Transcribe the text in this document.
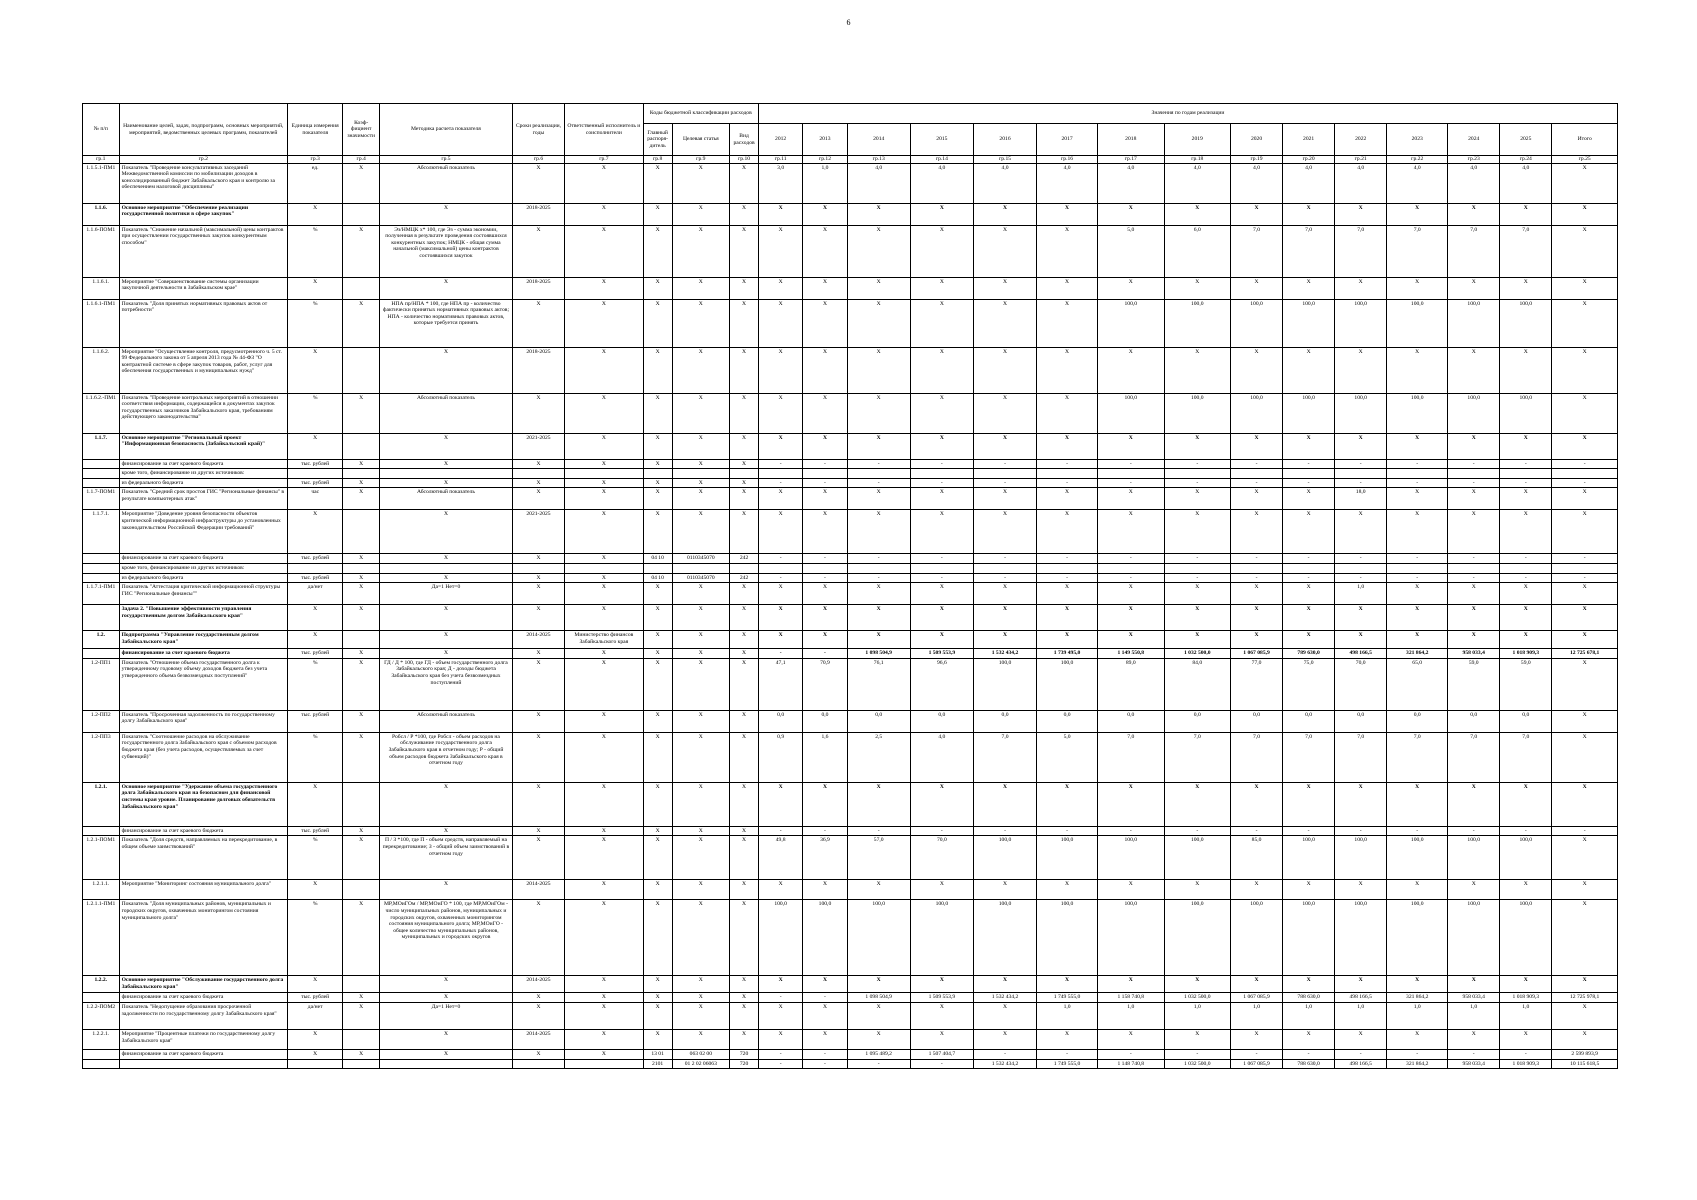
6
№ п/п	Наименование целей, задач, подпрограмм, основных мероприятий, мероприятий, ведомственных целевых программ, показателей	Единица измерения показателя	Коэф-фициент значимости	Методика расчета показателя	Сроки реализации, годы	Ответственный исполнитель и соисполнители	Коды бюджетной классификации расходов			Значения по годам реализации														
							Главный распоря-дитель	Целевая статья	Вид расходов	2012	2013	2014	2015	2016	2017	2018	2019	2020	2021	2022	2023	2024	2025	Итого
гр.1	гр.2	гр.3	гр.4	гр.5	гр.6	гр.7	гр.8	гр.9	гр.10	гр.11	гр.12	гр.13	гр.14	гр.15	гр.16	гр.17	гр.18	гр.19	гр.20	гр.21	гр.22	гр.23	гр.24	гр.25
1.1.5.1-ПМ1	Показатель "Проведение консультативных заседаний Межведомственной комиссии по мобилизации доходов в консолидированный бюджет Забайкальского края и контролю за обеспечением налоговой дисциплины"	ед.	X	Абсолютный показатель	X	X	X	X	X	3,0	1,0	4,0	4,0	4,0	4,0	4,0	4,0	4,0	4,0	4,0	4,0	4,0	4,0	X
1.1.6.	Основное мероприятие "Обеспечение реализации государственной политики в сфере закупок"	X		X	2018-2025	X	X	X	X	X	X	X	X	X	X	X	X	X	X	X	X	X	X	X
1.1.6-ПОМ1	Показатель "Снижение начальной (максимальной) цены контрактов при осуществлении государственных закупок конкурентным способом"	%	X	Эз/НМЦК х* 100, где Эз - сумма экономии, полученная в результате проведения состоявшихся конкурентных закупок; НМЦК - общая сумма начальной (максимальной) цены контрактов состоявшихся закупок	X	X	X	X	X	X	X	X	X	X	X	5,0	6,0	7,0	7,0	7,0	7,0	7,0	7,0	X
1.1.6.1.	Мероприятие "Совершенствование системы организации закупочной деятельности в Забайкальском крае"	X		X	2018-2025	X	X	X	X	X	X	X	X	X	X	X	X	X	X	X	X	X	X	X
1.1.6.1-ПМ1	Показатель "Доля принятых нормативных правовых актов от потребности"	%	X	НПА пр/НПА * 100, где НПА пр - количество фактически принятых нормативных правовых актов; НПА - количество нормативных правовых актов, которые требуется принять	X	X	X	X	X	X	X	X	X	X	X	100,0	100,0	100,0	100,0	100,0	100,0	100,0	100,0	X
1.1.6.2.	Мероприятие "Осуществление контроля, предусмотренного ч. 5 ст. 99 Федерального закона от 5 апреля 2013 года № 44-ФЗ "О контрактной системе в сфере закупок товаров, работ, услуг для обеспечения государственных и муниципальных нужд"	X		X	2018-2025	X	X	X	X	X	X	X	X	X	X	X	X	X	X	X	X	X	X	X
1.1.6.2.-ПМ1	Показатель "Проведение контрольных мероприятий в отношении соответствия информации, содержащейся в документах закупок государственных заказчиков Забайкальского края, требованиям действующего законодательства"	%	X	Абсолютный показатель	X	X	X	X	X	X	X	X	X	X	X	100,0	100,0	100,0	100,0	100,0	100,0	100,0	100,0	X
1.1.7.	Основное мероприятие "Региональный проект "Информационная безопасность (Забайкальский край)"	X		X	2021-2025	X	X	X	X	X	X	X	X	X	X	X	X	X	X	X	X	X	X	X
	финансирование за счет краевого бюджета	тыс. рублей	X	X	X	X	X	X	X	-	-	-	-	-	-	-	-	-	-	-	-	-	-	-
	кроме того, финансирование из других источников:																							
	из федерального бюджета	тыс. рублей	X	X	X	X	X	X	X	-	-	-	-	-	-	-	-	-	-	-	-	-	-	-
1.1.7-ПОМ1	Показатель "Средний срок простоя ГИС "Региональные финансы" в результате компьютерных атак"	час	X	Абсолютный показатель	X	X	X	X	X	X	X	X	X	X	X	X	X	X	X	18,0	X	X	X	X
1.1.7.1.	Мероприятие "Доведение уровня безопасности объектов критической информационной инфраструктуры до установленных законодательством Российской Федерации требований"	X		X	2021-2025	X	X	X	X	X	X	X	X	X	X	X	X	X	X	X	X	X	X	X
	финансирование за счет краевого бюджета	тыс. рублей	X	X	X	X	04 10	0110345070	242	-	-	-	-	-	-	-	-	-	-	-	-	-	-	-
	кроме того, финансирование из других источников:																							
	из федерального бюджета	тыс. рублей	X	X	X	X	04 10	0110345070	242	-	-	-	-	-	-	-	-	-	-	-	-	-	-	-
1.1.7.1-ПМ1	Показатель "Аттестация критической информационной структуры ГИС "Региональные финансы""	да/нет	X	Да=1 Нет=0	X	X	X	X	X	X	X	X	X	X	X	X	X	X	X	1,0	X	X	X	X
	Задача 2. "Повышение эффективности управления государственным долгом Забайкальского края"	X	X	X	X	X	X	X	X	X	X	X	X	X	X	X	X	X	X	X	X	X	X	X
1.2.	Подпрограмма "Управление государственным долгом Забайкальского края"	X		X	2014-2025	Министерство финансов Забайкальского края	X	X	X	X	X	X	X	X	X	X	X	X	X	X	X	X	X	X
	финансирование за счет краевого бюджета	тыс. рублей	X	X	X	X	X	X	X	-	-	1 098 504,9	1 509 553,9	1 532 434,2	1 739 495,0	1 149 550,8	1 032 500,0	1 067 085,9	789 630,0	498 166,5	321 864,2	958 033,4	1 018 909,3	12 725 678,1
1.2-ПП1	Показатель "Отношение объема государственного долга к утвержденному годовому объему доходов бюджета без учета утвержденного объема безвозмездных поступлений"	%	X	ГД / Д * 100, где ГД - объем государственного долга Забайкальского края; Д - доходы бюджета Забайкальского края без учета безвозмездных поступлений	X	X	X	X	X	47,1	70,9	76,1	96,6	100,0	100,0	89,0	84,0	77,0	75,0	70,0	65,0	59,0	59,0	X
1.2-ПП2	Показатель "Просроченная задолженность по государственному долгу Забайкальского края"	тыс. рублей	X	Абсолютный показатель	X	X	X	X	X	0,0	0,0	0,0	0,0	0,0	0,0	0,0	0,0	0,0	0,0	0,0	0,0	0,0	0,0	X
1.2-ПП3	Показатель "Соотношение расходов на обслуживание государственного долга Забайкальского края с объемом расходов бюджета края (без учета расходов, осуществляемых за счет субвенций)"	%	X	Робсл / Р *100, где Робсл - объем расходов на обслуживание государственного долга Забайкальского края в отчетном году; Р - общий объем расходов бюджета Забайкальского края в отчетном году	X	X	X	X	X	0,9	1,6	2,5	4,0	7,0	5,0	7,0	7,0	7,0	7,0	7,0	7,0	7,0	7,0	X
1.2.1.	Основное мероприятие "Удержание объема государственного долга Забайкальского края на безопасном для финансовой системы края уровне. Планирование долговых обязательств Забайкальского края"	X		X	X	X	X	X	X	X	X	X	X	X	X	X	X	X	X	X	X	X	X	X
	финансирование за счет краевого бюджета	тыс. рублей	X	X	X	X	X	X	X	-	-	-	-	-	-	-	-	-	-	-	-	-	-	-
1.2.1-ПОМ1	Показатель "Доля средств, направляемых на перекредитование, в общем объеме заимствований"	%	X	П / З *100, где П - объем средств, направляемый на перекредитование; З - общий объем заимствований в отчетном году	X	X	X	X	X	49,8	36,9	57,0	70,0	100,0	100,0	100,0	100,0	85,0	100,0	100,0	100,0	100,0	100,0	X
1.2.1.1.	Мероприятие "Мониторинг состояния муниципального долга"	X		X	2014-2025	X	X	X	X	X	X	X	X	X	X	X	X	X	X	X	X	X	X	X
1.2.1.1-ПМ1	Показатель "Доля муниципальных районов, муниципальных и городских округов, охваченных мониторингом состояния муниципального долга"	%	X	МР,МОиГОм / МР,МОиГО * 100, где МР,МОиГОм - число муниципальных районов, муниципальных и городских округов, охваченных мониторингом состояния муниципального долга; МР,МОиГО - общее количество муниципальных районов, муниципальных и городских округов	X	X	X	X	X	100,0	100,0	100,0	100,0	100,0	100,0	100,0	100,0	100,0	100,0	100,0	100,0	100,0	100,0	X
1.2.2.	Основное мероприятие "Обслуживание государственного долга Забайкальского края"	X		X	2014-2025	X	X	X	X	X	X	X	X	X	X	X	X	X	X	X	X	X	X	X
	финансирование за счет краевого бюджета	тыс. рублей	X	X	X	X	X	X	X	-	-	1 098 504,9	1 509 553,9	1 532 434,2	1 749 555,0	1 158 740,8	1 032 500,0	1 067 085,9	788 630,0	498 166,5	321 864,2	958 033,4	1 018 909,3	12 725 978,1
1.2.2-ПОМ2	Показатель "Недопущение образования просроченной задолженности по государственному долгу Забайкальского края"	да/нет	X	Да=1 Нет=0	X	X	X	X	X	X	X	X	X	X	1,0	1,0	1,0	1,0	1,0	1,0	1,0	1,0	1,0	X
1.2.2.1.	Мероприятие "Процентные платежи по государственному долгу Забайкальского края"	X		X	2014-2025	X	X	X	X	X	X	X	X	X	X	X	X	X	X	X	X	X	X	X
	финансирование за счет краевого бюджета	X	X	X	X	X	13 01	063 02 00	720	-	-	1 095 489,2	1 507 404,7	-	-	-	-	-	-	-	-	-	-	2 599 893,9
							2101	01 2 02 06063	720	-	-	-	-	1 532 434,2	1 749 555,0	1 148 740,8	1 032 500,0	1 067 085,9	788 630,0	498 166,5	321 864,2	958 033,4	1 018 909,3	10 115 618,5
